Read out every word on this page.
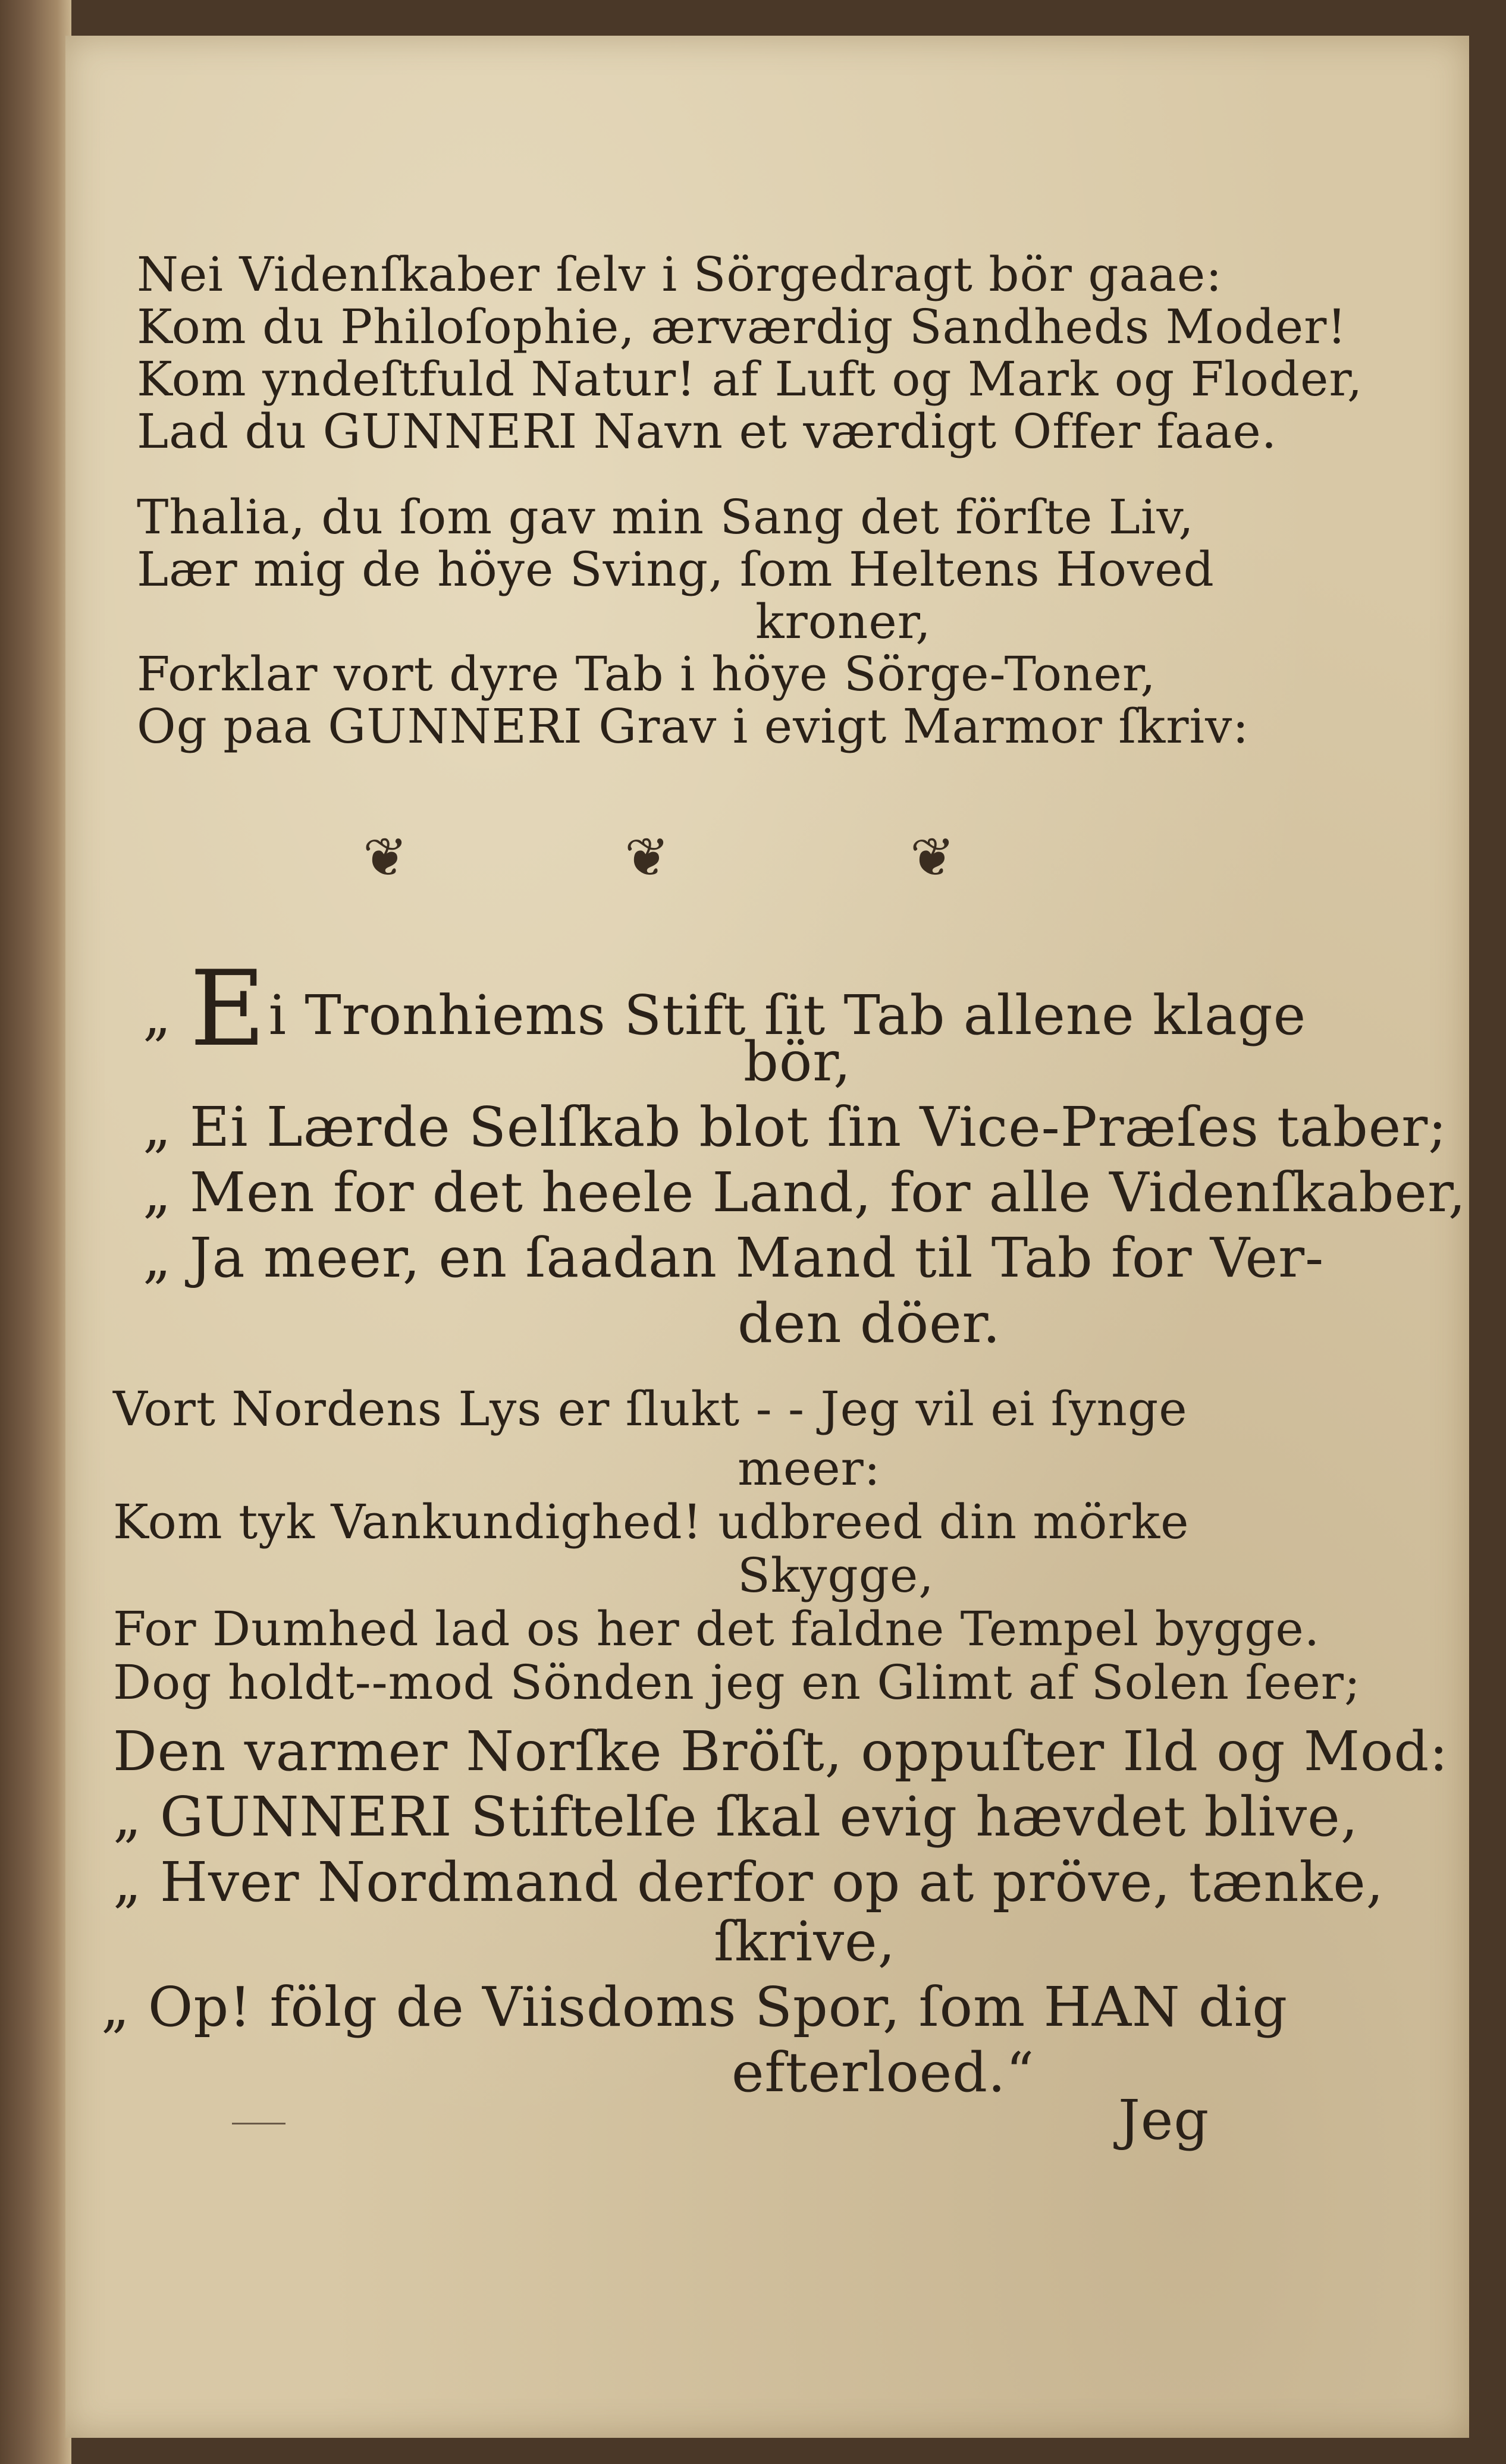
Nei Videnſkaber ſelv i Sörgedragt bör gaae:
Kom du Philoſophie, ærværdig Sandheds Moder!
Kom yndeſtfuld Natur! af Luft og Mark og Floder,
Lad du GUNNERI Navn et værdigt Offer faae.
Thalia, du ſom gav min Sang det förſte Liv,
Lær mig de höye Sving, ſom Heltens Hoved
kroner,
Forklar vort dyre Tab i höye Sörge-Toner,
Og paa GUNNERI Grav i evigt Marmor ſkriv:
❦	❦	❦
„ Ei Tronhiems Stift ſit Tab allene klage
bör,
„ Ei Lærde Selſkab blot ſin Vice-Præſes taber;
„ Men for det heele Land, for alle Videnſkaber,
„ Ja meer, en ſaadan Mand til Tab for Ver-
den döer.
Vort Nordens Lys er ſlukt - - Jeg vil ei ſynge
meer:
Kom tyk Vankundighed! udbreed din mörke
Skygge,
For Dumhed lad os her det faldne Tempel bygge.
Dog holdt--mod Sönden jeg en Glimt af Solen ſeer;
Den varmer Norſke Bröſt, oppuſter Ild og Mod:
„ GUNNERI Stiftelſe ſkal evig hævdet blive,
„ Hver Nordmand derfor op at pröve, tænke,
ſkrive,
„ Op! fölg de Viisdoms Spor, ſom HAN dig
efterloed.“
Jeg
